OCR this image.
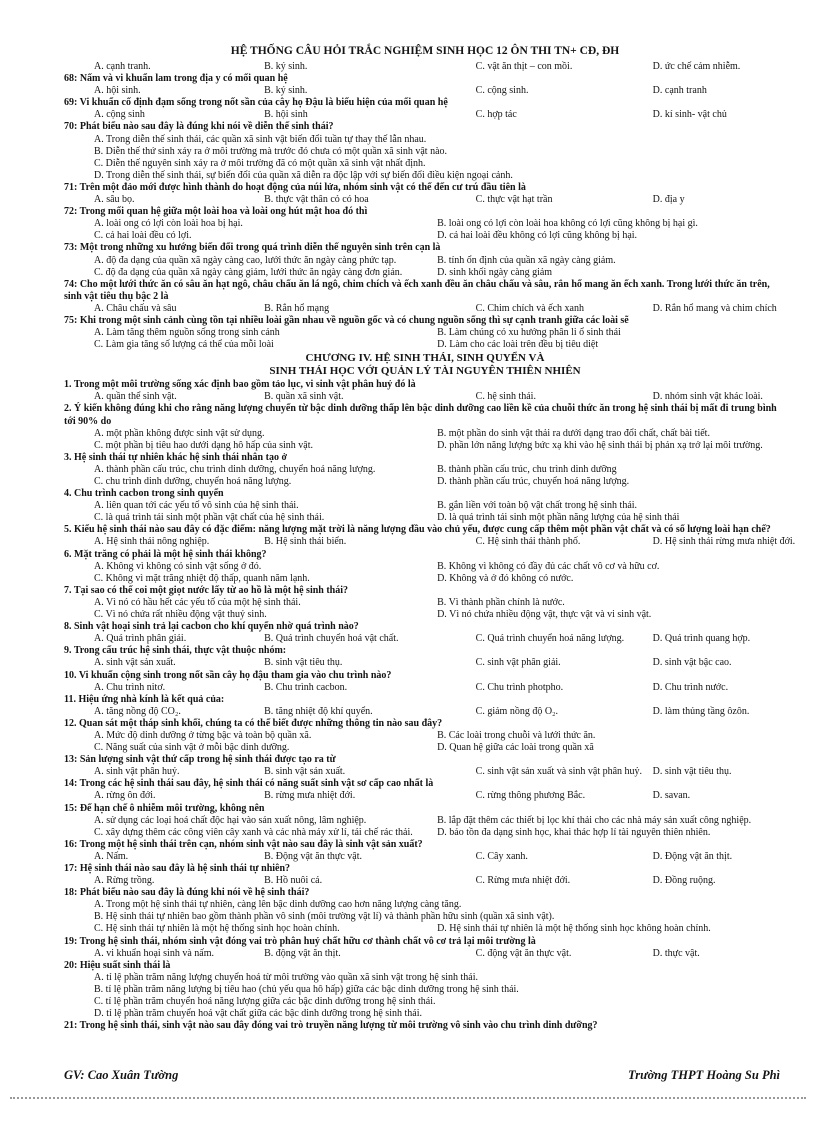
HỆ THỐNG CÂU HỎI TRẮC NGHIỆM SINH HỌC 12 ÔN THI TN+ CĐ, ĐH
A. cạnh tranh.	B. ký sinh.	C. vật ăn thịt – con mồi.	D. ức chế cảm nhiễm.
68: Nấm và vi khuẩn lam trong địa y có mối quan hệ
A. hội sinh.	B. ký sinh.	C. cộng sinh.	D. cạnh tranh
69: Vi khuẩn cố định đạm sống trong nốt sần của cây họ Đậu là biểu hiện của mối quan hệ
A. cộng sinh	B. hội sinh	C. hợp tác	D. kí sinh- vật chủ
70: Phát biểu nào sau đây là đúng khi nói về diễn thế sinh thái?
A. Trong diễn thế sinh thái, các quần xã sinh vật biến đổi tuần tự thay thế lẫn nhau.
B. Diễn thế thứ sinh xảy ra ở môi trường mà trước đó chưa có một quần xã sinh vật nào.
C. Diễn thế nguyên sinh xảy ra ở môi trường đã có một quần xã sinh vật nhất định.
D. Trong diễn thế sinh thái, sự biến đổi của quần xã diễn ra độc lập với sự biến đổi điều kiện ngoại cảnh.
71: Trên một đảo mới được hình thành do hoạt động của núi lửa, nhóm sinh vật có thể đến cư trú đầu tiên là
A. sâu bọ.	B. thực vật thân cỏ có hoa	C. thực vật hạt trần	D. địa y
72: Trong mối quan hệ giữa một loài hoa và loài ong hút mật hoa đó thì
A. loài ong có lợi còn loài hoa bị hại.	B. loài ong có lợi còn loài hoa không có lợi cũng không bị hại gì.
C. cả hai loài đều có lợi.	D. cả hai loài đều không có lợi cũng không bị hại.
73: Một trong những xu hướng biến đổi trong quá trình diễn thế nguyên sinh trên cạn là
A. độ đa dạng của quần xã ngày càng cao, lưới thức ăn ngày càng phức tạp.	B. tính ổn định của quần xã ngày càng giảm.
C. độ đa dạng của quần xã ngày càng giảm, lưới thức ăn ngày càng đơn giản.	D. sinh khối ngày càng giảm
74: Cho một lưới thức ăn có sâu ăn hạt ngô, châu chấu ăn lá ngô, chim chích và ếch xanh đều ăn châu chấu và sâu, rắn hổ mang ăn ếch xanh. Trong lưới thức ăn trên, sinh vật tiêu thụ bậc 2 là
A. Châu chấu và sâu	B. Rắn hổ mạng	C. Chim chích và ếch xanh	D. Rắn hổ mang và chim chích
75: Khi trong một sinh cảnh cùng tồn tại nhiều loài gần nhau về nguồn gốc và có chung nguồn sống thì sự cạnh tranh giữa các loài sẽ
A. Làm tăng thêm nguồn sống trong sinh cảnh	B. Làm chúng có xu hướng phân li ổ sinh thái
C. Làm gia tăng số lượng cá thể của mỗi loài	D. Làm cho các loài trên đều bị tiêu diệt
CHƯƠNG IV. HỆ SINH THÁI, SINH QUYỂN VÀ
SINH THÁI HỌC VỚI QUẢN LÝ TÀI NGUYÊN THIÊN NHIÊN
1. Trong một môi trường sống xác định bao gồm tảo lục, vi sinh vật phân huỷ đó là
A. quần thể sinh vật.	B. quần xã sinh vật.	C. hệ sinh thái.	D. nhóm sinh vật khác loài.
2. Ý kiến không đúng khi cho rằng năng lượng chuyển từ bậc dinh dưỡng thấp lên bậc dinh dưỡng cao liền kề của chuỗi thức ăn trong hệ sinh thái bị mất đi trung bình tới 90% do
A. một phần không được sinh vật sử dụng.	B. một phần do sinh vật thải ra dưới dạng trao đổi chất, chất bài tiết.
C. một phần bị tiêu hao dưới dạng hô hấp của sinh vật.	D. phần lớn năng lượng bức xạ khi vào hệ sinh thái bị phản xạ trở lại môi trường.
3. Hệ sinh thái tự nhiên khác hệ sinh thái nhân tạo ở
A. thành phần cấu trúc, chu trình dinh dưỡng, chuyển hoá năng lượng.	B. thành phần cấu trúc, chu trình dinh dưỡng
C. chu trình dinh dưỡng, chuyển hoá năng lượng.	D. thành phần cấu trúc, chuyển hoá năng lượng.
4. Chu trình cacbon trong sinh quyển
A. liên quan tới các yếu tố vô sinh của hệ sinh thái.	B. gắn liền với toàn bộ vật chất trong hệ sinh thái.
C. là quá trình tái sinh một phần vật chất của hệ sinh thái.	D. là quá trình tái sinh một phần năng lượng của hệ sinh thái
5. Kiểu hệ sinh thái nào sau đây có đặc điểm: năng lượng mặt trời là năng lượng đầu vào chủ yếu, được cung cấp thêm một phần vật chất và có số lượng loài hạn chế?
A. Hệ sinh thái nông nghiệp.	B. Hệ sinh thái biển.	C. Hệ sinh thái thành phố.	D. Hệ sinh thái rừng mưa nhiệt đới.
6. Mặt trăng có phải là một hệ sinh thái không?
A. Không vì không có sinh vật sống ở đó.	B. Không vì không có đầy đủ các chất vô cơ và hữu cơ.
C. Không vì mặt trăng nhiệt độ thấp, quanh năm lạnh.	D. Không và ở đó không có nước.
7. Tại sao có thể coi một giọt nước lấy từ ao hồ là một hệ sinh thái?
A. Vì nó có hầu hết các yếu tố của một hệ sinh thái.	B. Vì thành phần chính là nước.
C. Vì nó chứa rất nhiều động vật thuỷ sinh.	D. Vì nó chứa nhiều động vật, thực vật và vi sinh vật.
8. Sinh vật hoại sinh trả lại cacbon cho khí quyển nhờ quá trình nào?
A. Quá trình phân giải.	B. Quá trình chuyển hoá vật chất.	C. Quá trình chuyển hoá năng lượng.	D. Quá trình quang hợp.
9. Trong cấu trúc hệ sinh thái, thực vật thuộc nhóm:
A. sinh vật sản xuất.	B. sinh vật tiêu thụ.	C. sinh vật phân giải.	D. sinh vật bậc cao.
10. Vi khuẩn cộng sinh trong nốt sần cây họ đậu tham gia vào chu trình nào?
A. Chu trình nitơ.	B. Chu trình cacbon.	C. Chu trình photpho.	D. Chu trình nước.
11. Hiệu ứng nhà kính là kết quả của:
A. tăng nồng độ CO₂.	B. tăng nhiệt độ khí quyển.	C. giảm nồng độ O₂.	D. làm thủng tầng ôzôn.
12. Quan sát một tháp sinh khối, chúng ta có thể biết được những thông tin nào sau đây?
A. Mức độ dinh dưỡng ở từng bậc và toàn bộ quần xã.	B. Các loài trong chuỗi và lưới thức ăn.
C. Năng suất của sinh vật ở mỗi bậc dinh dưỡng.	D. Quan hệ giữa các loài trong quần xã
13: Sản lượng sinh vật thứ cấp trong hệ sinh thái được tạo ra từ
A. sinh vật phân huỷ.	B. sinh vật sản xuất.	C. sinh vật sản xuất và sinh vật phân huỷ.	D. sinh vật tiêu thụ.
14: Trong các hệ sinh thái sau đây, hệ sinh thái có năng suất sinh vật sơ cấp cao nhất là
A. rừng ôn đới.	B. rừng mưa nhiệt đới.	C. rừng thông phương Bắc.	D. savan.
15: Để hạn chế ô nhiễm môi trường, không nên
A. sử dụng các loại hoá chất độc hại vào sản xuất nông, lâm nghiệp.	B. lắp đặt thêm các thiết bị lọc khí thải cho các nhà máy sản xuất công nghiệp.
C. xây dựng thêm các công viên cây xanh và các nhà máy xử lí, tái chế rác thải.	D. bảo tồn đa dạng sinh học, khai thác hợp lí tài nguyên thiên nhiên.
16: Trong một hệ sinh thái trên cạn, nhóm sinh vật nào sau đây là sinh vật sản xuất?
A. Nấm.	B. Động vật ăn thực vật.	C. Cây xanh.	D. Động vật ăn thịt.
17: Hệ sinh thái nào sau đây là hệ sinh thái tự nhiên?
A. Rừng trồng.	B. Hồ nuôi cá.	C. Rừng mưa nhiệt đới.	D. Đồng ruộng.
18: Phát biểu nào sau đây là đúng khi nói về hệ sinh thái?
A. Trong một hệ sinh thái tự nhiên, càng lên bậc dinh dưỡng cao hơn năng lượng càng tăng.
B. Hệ sinh thái tự nhiên bao gồm thành phần vô sinh (môi trường vật lí) và thành phần hữu sinh (quần xã sinh vật).
C. Hệ sinh thái tự nhiên là một hệ thống sinh học hoàn chỉnh.	D. Hệ sinh thái tự nhiên là một hệ thống sinh học không hoàn chỉnh.
19: Trong hệ sinh thái, nhóm sinh vật đóng vai trò phân huỷ chất hữu cơ thành chất vô cơ trả lại môi trường là
A. vi khuẩn hoại sinh và nấm.	B. động vật ăn thịt.	C. động vật ăn thực vật.	D. thực vật.
20: Hiệu suất sinh thái là
A. tỉ lệ phần trăm năng lượng chuyển hoá từ môi trường vào quần xã sinh vật trong hệ sinh thái.
B. tỉ lệ phần trăm năng lượng bị tiêu hao (chủ yếu qua hô hấp) giữa các bậc dinh dưỡng trong hệ sinh thái.
C. tỉ lệ phần trăm chuyển hoá năng lượng giữa các bậc dinh dưỡng trong hệ sinh thái.
D. tỉ lệ phần trăm chuyển hoá vật chất giữa các bậc dinh dưỡng trong hệ sinh thái.
21: Trong hệ sinh thái, sinh vật nào sau đây đóng vai trò truyền năng lượng từ môi trường vô sinh vào chu trình dinh dưỡng?
GV: Cao Xuân Tường	Trường THPT Hoàng Su Phì
